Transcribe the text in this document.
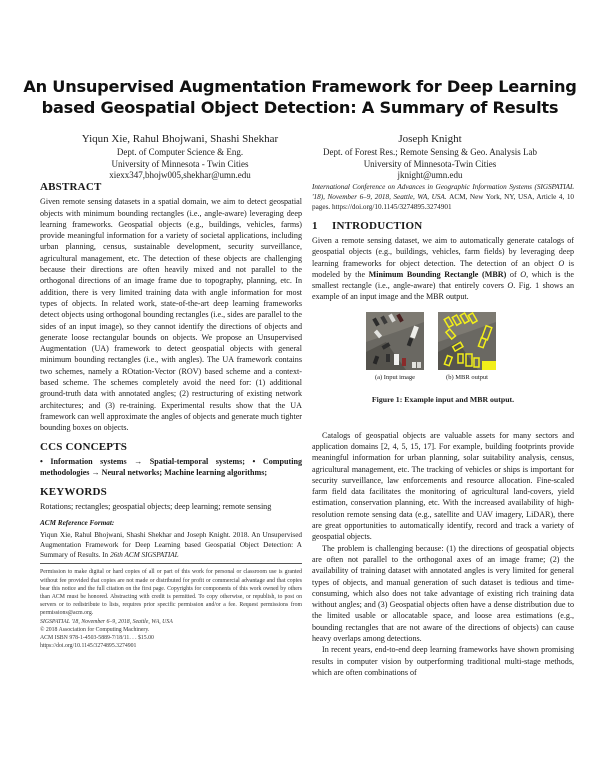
An Unsupervised Augmentation Framework for Deep Learning
based Geospatial Object Detection: A Summary of Results
Yiqun Xie, Rahul Bhojwani, Shashi Shekhar
Dept. of Computer Science & Eng.
University of Minnesota - Twin Cities
xiexx347,bhojw005,shekhar@umn.edu
Joseph Knight
Dept. of Forest Res.; Remote Sensing & Geo. Analysis Lab
University of Minnesota-Twin Cities
jknight@umn.edu
ABSTRACT

Given remote sensing datasets in a spatial domain, we aim to detect geospatial objects with minimum bounding rectangles (i.e., angle-aware) leveraging deep learning frameworks. Geospatial objects (e.g., buildings, vehicles, farms) provide meaningful information for a variety of societal applications, including urban planning, census, sustainable development, security surveillance, agricultural management, etc. The detection of these objects are challenging because their directions are often heavily mixed and not parallel to the orthogonal directions of an image frame due to topography, planning, etc. In addition, there is very limited training data with angle information for most types of objects. In related work, state-of-the-art deep learning frameworks detect objects using orthogonal bounding rectangles (i.e., sides are parallel to the sides of an input image), so they cannot identify the directions of objects and generate loose rectangular bounds on objects. We propose an Unsupervised Augmentation (UA) framework to detect geospatial objects with general minimum bounding rectangles (i.e., with angles). The UA framework contains two schemes, namely a ROtation-Vector (ROV) based scheme and a context-based scheme. The schemes completely avoid the need for: (1) additional ground-truth data with annotated angles; (2) restructuring of existing network architectures; and (3) re-training. Experimental results show that the UA framework can well approximate the angles of objects and generate much tighter bounding boxes on objects.

CCS CONCEPTS

• Information systems → Spatial-temporal systems; • Computing methodologies → Neural networks; Machine learning algorithms;

KEYWORDS

Rotations; rectangles; geospatial objects; deep learning; remote sensing

ACM Reference Format:

Yiqun Xie, Rahul Bhojwani, Shashi Shekhar and Joseph Knight. 2018. An Unsupervised Augmentation Framework for Deep Learning based Geospatial Object Detection: A Summary of Results. In 26th ACM SIGSPATIAL

Permission to make digital or hard copies of all or part of this work for personal or classroom use is granted without fee provided that copies are not made or distributed for profit or commercial advantage and that copies bear this notice and the full citation on the first page. Copyrights for components of this work owned by others than ACM must be honored. Abstracting with credit is permitted. To copy otherwise, or republish, to post on servers or to redistribute to lists, requires prior specific permission and/or a fee. Request permissions from permissions@acm.org.

SIGSPATIAL '18, November 6–9, 2018, Seattle, WA, USA

© 2018 Association for Computing Machinery.

ACM ISBN 978-1-4503-5889-7/18/11. . . $15.00

https://doi.org/10.1145/3274895.3274901

International Conference on Advances in Geographic Information Systems (SIGSPATIAL '18), November 6–9, 2018, Seattle, WA, USA. ACM, New York, NY, USA, Article 4, 10 pages. https://doi.org/10.1145/3274895.3274901

1 INTRODUCTION

Given a remote sensing dataset, we aim to automatically generate catalogs of geospatial objects (e.g., buildings, vehicles, farm fields) by leveraging deep learning frameworks for object detection. The detection of an object O is modeled by the Minimum Bounding Rectangle (MBR) of O, which is the smallest rectangle (i.e., angle-aware) that entirely covers O. Fig. 1 shows an example of an input image and the MBR output.

(a) Input image	(b) MBR output
Figure 1: Example input and MBR output.

Catalogs of geospatial objects are valuable assets for many sectors and application domains [2, 4, 5, 15, 17]. For example, building footprints provide meaningful information for urban planning, solar suitability analysis, census, agricultural management, etc. The tracking of vehicles or ships is important for security surveillance, law enforcements and resource allocation. Fine-scaled farm field data facilitates the monitoring of agricultural land-covers, yield estimation, conservation planning, etc. With the increased availability of high-resolution remote sensing data (e.g., satellite and UAV imagery, LiDAR), there are great opportunities to automatically identify, record and track a variety of geospatial objects.

The problem is challenging because: (1) the directions of geospatial objects are often not parallel to the orthogonal axes of an image frame; (2) the availability of training dataset with annotated angles is very limited for general types of objects, and manual generation of such dataset is tedious and time-consuming, which also does not take advantage of existing rich training data without angles; and (3) Geospatial objects often have a dense distribution due to the limited usable or allocatable space, and loose area estimations (e.g., bounding rectangles that are not aware of the directions of objects) can cause heavy overlaps among detections.

In recent years, end-to-end deep learning frameworks have shown promising results in computer vision by outperforming traditional multi-stage methods, which are often combinations of
